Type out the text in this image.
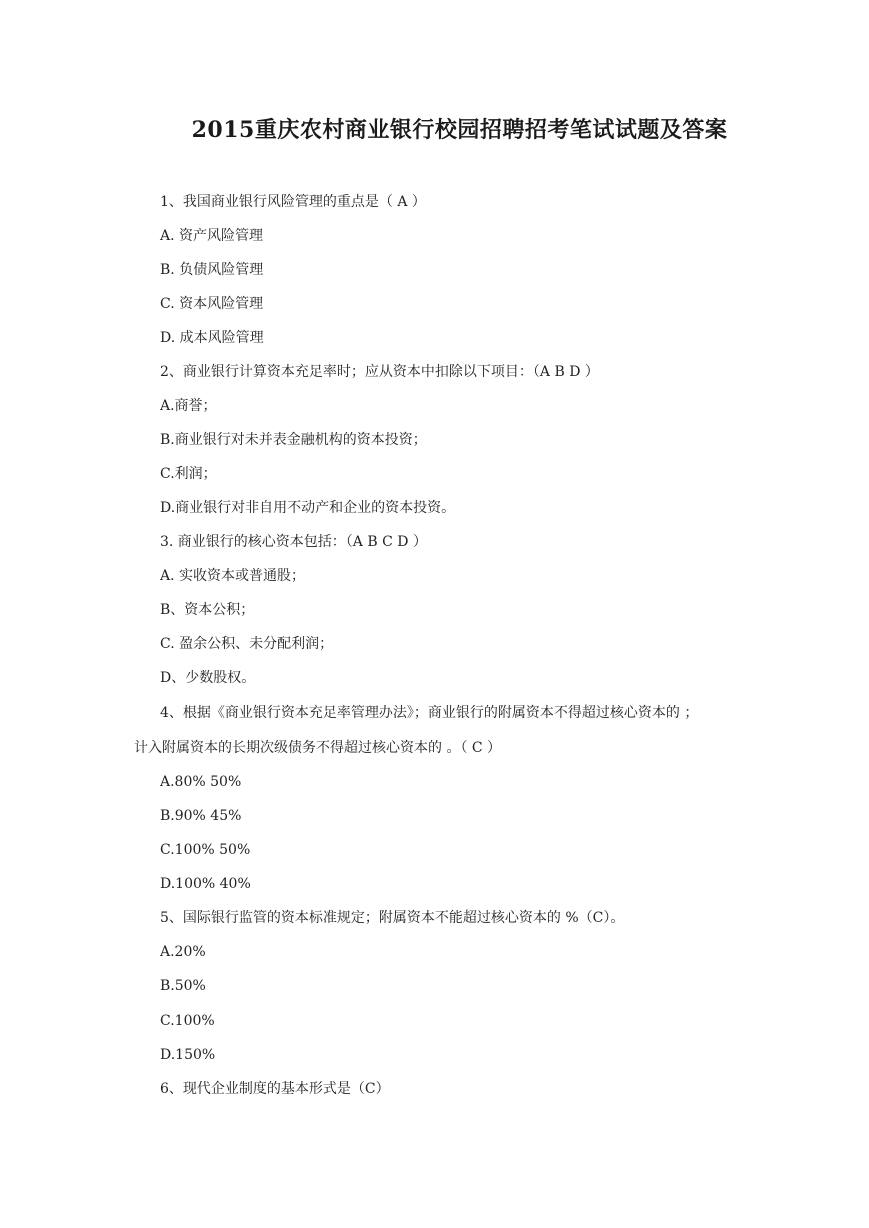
2015重庆农村商业银行校园招聘招考笔试试题及答案
1、我国商业银行风险管理的重点是（ A ）
A. 资产风险管理
B. 负债风险管理
C. 资本风险管理
D. 成本风险管理
2、商业银行计算资本充足率时；应从资本中扣除以下项目：（A B D ）
A.商誉；
B.商业银行对未并表金融机构的资本投资；
C.利润；
D.商业银行对非自用不动产和企业的资本投资。
3. 商业银行的核心资本包括：（A B C D ）
A. 实收资本或普通股；
B、资本公积；
C. 盈余公积、未分配利润；
D、少数股权。
4、根据《商业银行资本充足率管理办法》；商业银行的附属资本不得超过核心资本的 ；
计入附属资本的长期次级债务不得超过核心资本的 。（ C ）
A.80% 50%
B.90% 45%
C.100% 50%
D.100% 40%
5、国际银行监管的资本标准规定；附属资本不能超过核心资本的 %（C）。
A.20%
B.50%
C.100%
D.150%
6、现代企业制度的基本形式是（C）
